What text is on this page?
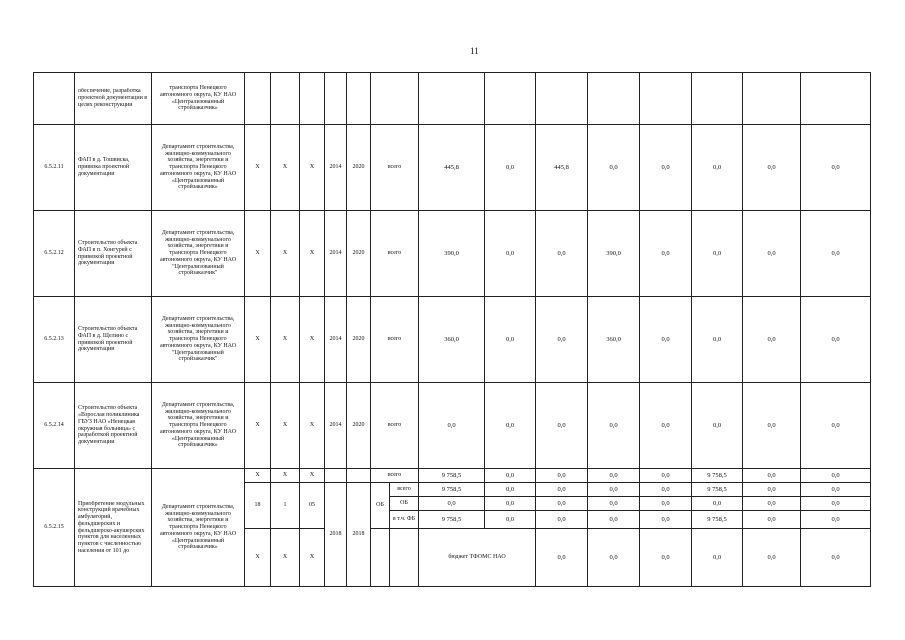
11

	обеспечение, разработка проектной документации в целях реконструкции	транспорта Ненецкого автономного округа, КУ НАО «Централизованный стройзаказчик»																

6.5.2.11	ФАП в д. Тошвиска, привязка проектной документации	Департамент строительства, жилищно-коммунального хозяйства, энергетики и транспорта Ненецкого автономного округа, КУ НАО «Централизованный стройзаказчик»	Х	Х	Х	2014	2020	всего		445,8	0,0	445,8	0,0	0,0	0,0	0,0	0,0	
6.5.2.12	Строительство объекта ФАП в п. Хонгурей с привязкой проектной документации	Департамент строительства, жилищно-коммунального хозяйства, энергетики и транспорта Ненецкого автономного округа, КУ НАО "Централизованный стройзаказчик"	Х	Х	Х	2014	2020	всего		390,0	0,0	0,0	390,0	0,0	0,0	0,0	0,0	
6.5.2.13	Строительство объекта ФАП в д. Щелино с привязкой проектной документации	Департамент строительства, жилищно-коммунального хозяйства, энергетики и транспорта Ненецкого автономного округа, КУ НАО "Централизованный стройзаказчик"	Х	Х	Х	2014	2020	всего		360,0	0,0	0,0	360,0	0,0	0,0	0,0	0,0	
6.5.2.14	Строительство объекта «Взрослая поликлиника ГБУЗ НАО «Ненецкая окружная больница» с разработкой проектной документации	Департамент строительства, жилищно-коммунального хозяйства, энергетики и транспорта Ненецкого автономного округа, КУ НАО «Централизованный стройзаказчик»	Х	Х	Х	2014	2020	всего		0,0	0,0	0,0	0,0	0,0	0,0	0,0	0,0	
6.5.2.15	Приобретение модульных конструкций врачебных амбулаторий, фельдшерских и фельдшерско-акушерских пунктов для населенных пунктов с численностью населения от 101 до	Департамент строительства, жилищно-коммунального хозяйства, энергетики и транспорта Ненецкого автономного округа, КУ НАО «Централизованный стройзаказчик»	Х	Х	Х			всего		9 758,5	0,0	0,0	0,0	0,0	9 758,5	0,0	0,0	
			18	1	05	2018	2018	ОБ	всего	9 758,5	0,0	0,0	0,0	0,0	9 758,5	0,0	0,0	
									ОБ	0,0	0,0	0,0	0,0	0,0	0,0	0,0	0,0	
									в т.ч. ФБ	9 758,5	0,0	0,0	0,0	0,0	9 758,5	0,0	0,0	
			Х	Х	Х					бюджет ТФОМС НАО		0,0	0,0	0,0	0,0	0,0	0,0		
